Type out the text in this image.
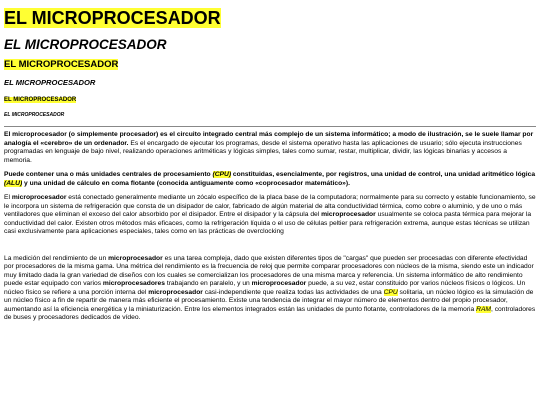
EL MICROPROCESADOR
EL MICROPROCESADOR
EL MICROPROCESADOR
EL MICROPROCESADOR
EL MICROPROCESADOR
EL MICROPROCESADOR

El microprocesador (o simplemente procesador) es el circuito integrado central más complejo de un sistema informático; a modo de ilustración, se le suele llamar por analogía el «cerebro» de un ordenador. Es el encargado de ejecutar los programas, desde el sistema operativo hasta las aplicaciones de usuario; sólo ejecuta instrucciones programadas en lenguaje de bajo nivel, realizando operaciones aritméticas y lógicas simples, tales como sumar, restar, multiplicar, dividir, las lógicas binarias y accesos a memoria.

Puede contener una o más unidades centrales de procesamiento (CPU) constituidas, esencialmente, por registros, una unidad de control, una unidad aritmético lógica (ALU) y una unidad de cálculo en coma flotante (conocida antiguamente como «coprocesador matemático»).

El microprocesador está conectado generalmente mediante un zócalo específico de la placa base de la computadora; normalmente para su correcto y estable funcionamiento, se le incorpora un sistema de refrigeración que consta de un disipador de calor, fabricado de algún material de alta conductividad térmica, como cobre o aluminio, y de uno o más ventiladores que eliminan el exceso del calor absorbido por el disipador. Entre el disipador y la cápsula del microprocesador usualmente se coloca pasta térmica para mejorar la conductividad del calor. Existen otros métodos más eficaces, como la refrigeración líquida o el uso de células peltier para refrigeración extrema, aunque estas técnicas se utilizan casi exclusivamente para aplicaciones especiales, tales como en las prácticas de overclocking

La medición del rendimiento de un microprocesador es una tarea compleja, dado que existen diferentes tipos de "cargas" que pueden ser procesadas con diferente efectividad por procesadores de la misma gama. Una métrica del rendimiento es la frecuencia de reloj que permite comparar procesadores con núcleos de la misma, siendo este un indicador muy limitado dada la gran variedad de diseños con los cuales se comercializan los procesadores de una misma marca y referencia. Un sistema informático de alto rendimiento puede estar equipado con varios microprocesadores trabajando en paralelo, y un microprocesador puede, a su vez, estar constituido por varios núcleos físicos o lógicos. Un núcleo físico se refiere a una porción interna del microprocesador casi-independiente que realiza todas las actividades de una CPU solitaria, un núcleo lógico es la simulación de un núcleo físico a fin de repartir de manera más eficiente el procesamiento. Existe una tendencia de integrar el mayor número de elementos dentro del propio procesador, aumentando así la eficiencia energética y la miniaturización. Entre los elementos integrados están las unidades de punto flotante, controladores de la memoria RAM, controladores de buses y procesadores dedicados de vídeo.
